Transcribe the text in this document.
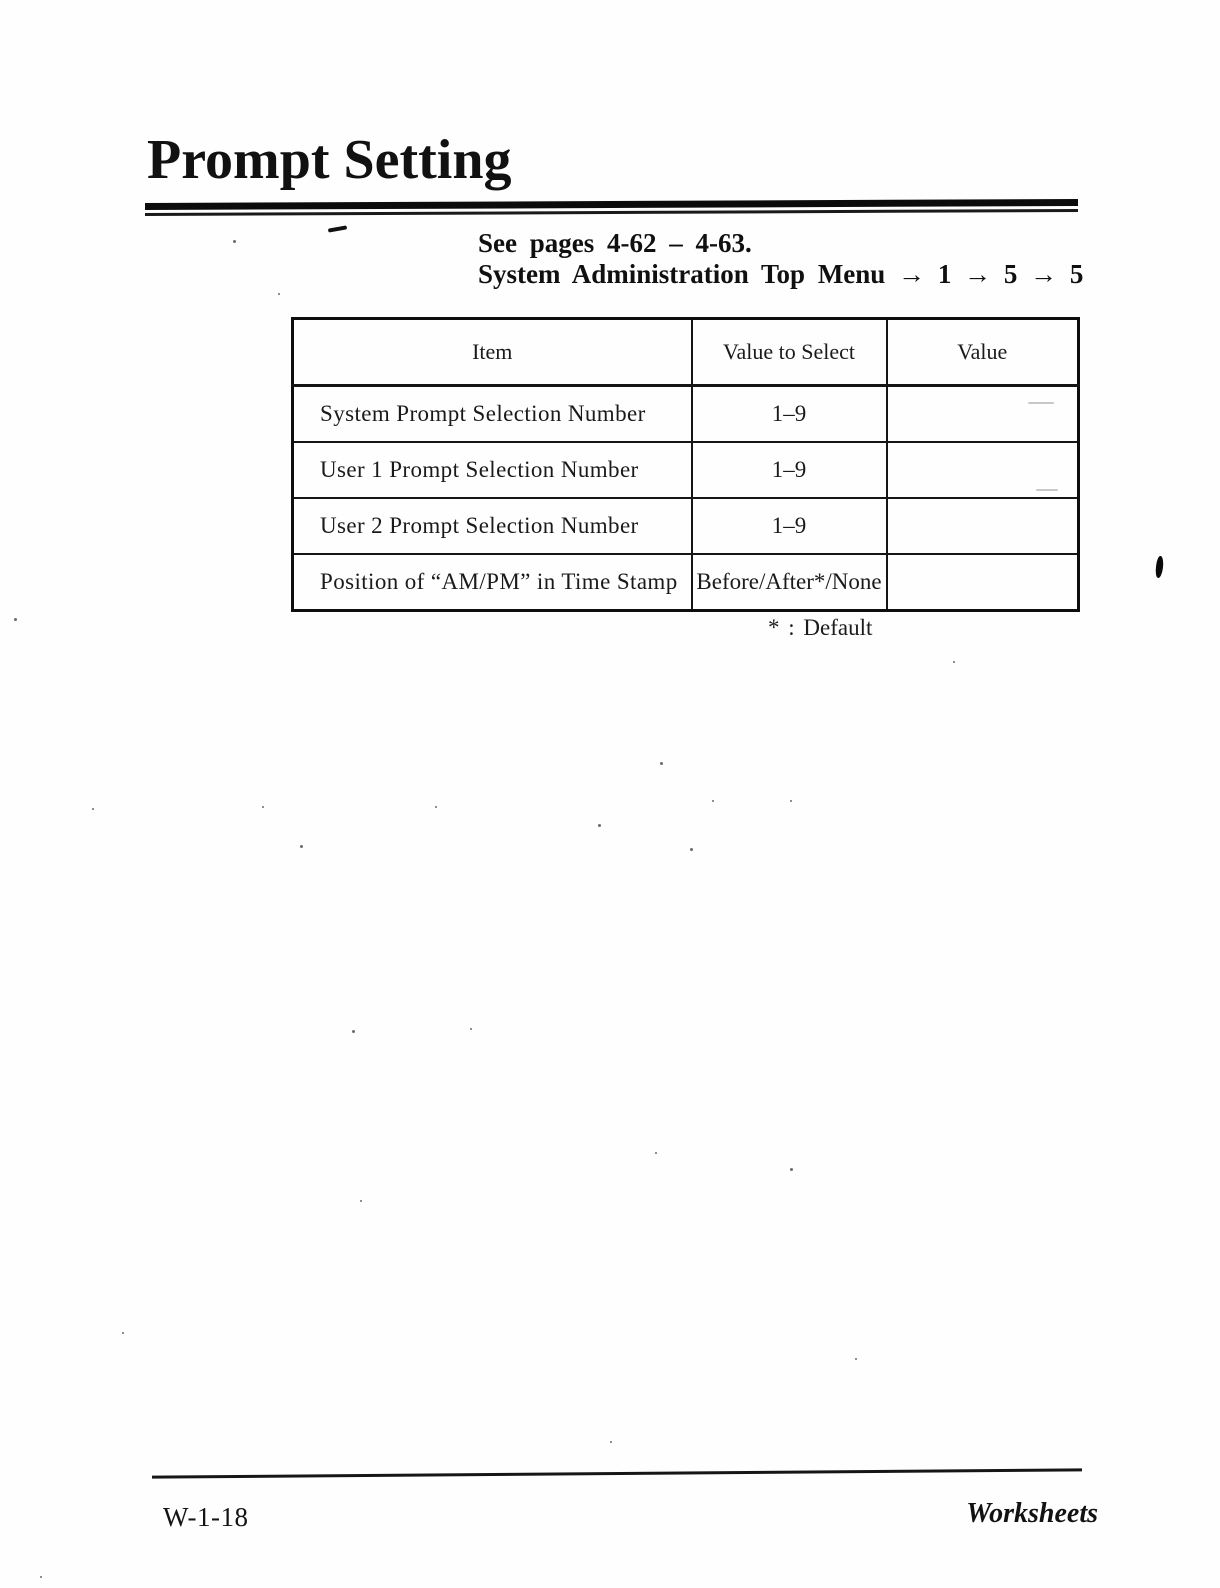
Prompt Setting
See pages 4-62 – 4-63.
System Administration Top Menu → 1 → 5 → 5
Item	Value to Select	Value
System Prompt Selection Number	1–9	
User 1 Prompt Selection Number	1–9	
User 2 Prompt Selection Number	1–9	
Position of “AM/PM” in Time Stamp	Before/After*/None	
* : Default
W-1-18	Worksheets
